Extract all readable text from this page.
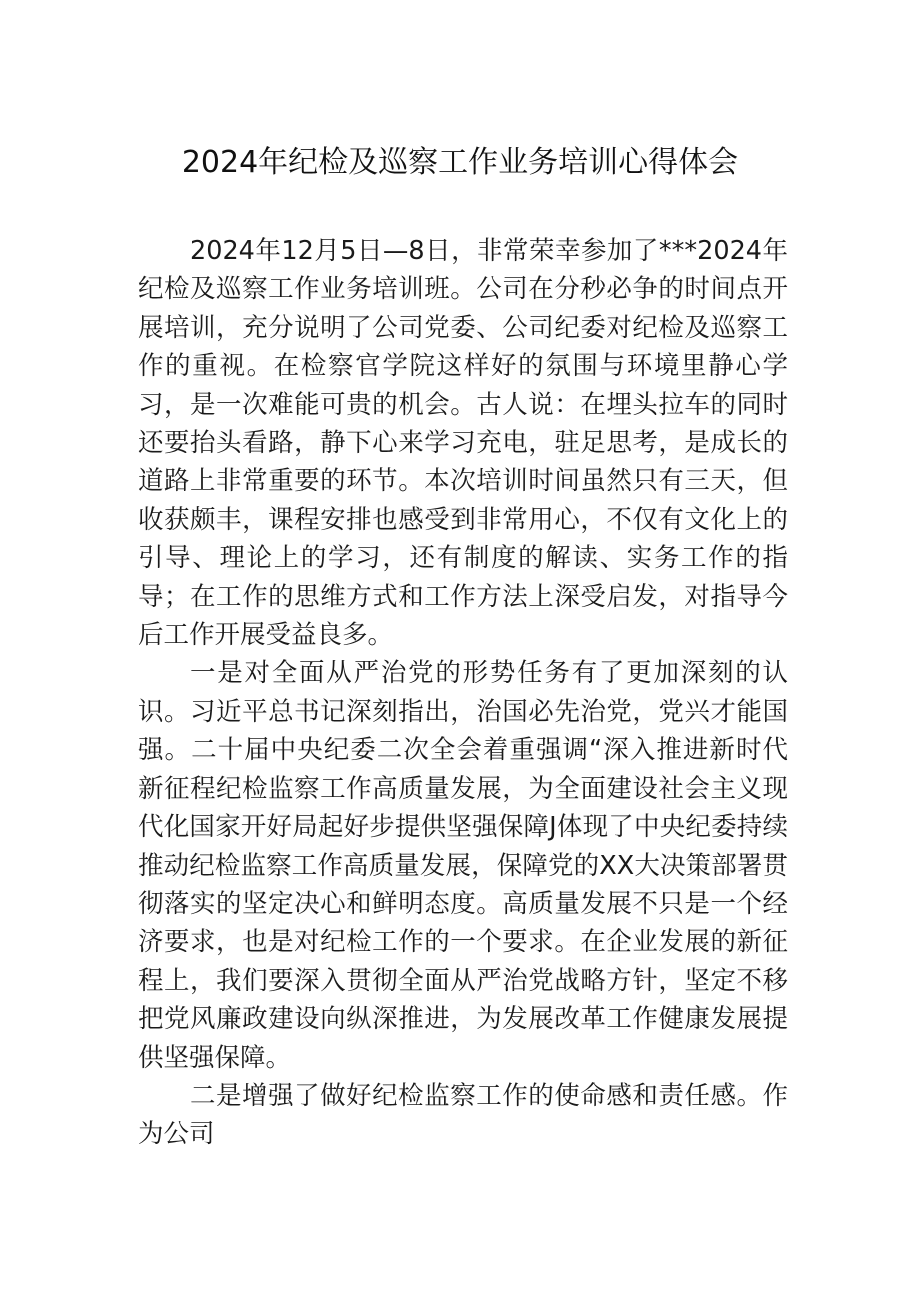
2024年纪检及巡察工作业务培训心得体会

2024年12月5日—8日，非常荣幸参加了***2024年纪检及巡察工作业务培训班。公司在分秒必争的时间点开展培训，充分说明了公司党委、公司纪委对纪检及巡察工作的重视。在检察官学院这样好的氛围与环境里静心学习，是一次难能可贵的机会。古人说：在埋头拉车的同时还要抬头看路，静下心来学习充电，驻足思考，是成长的道路上非常重要的环节。本次培训时间虽然只有三天，但收获颇丰，课程安排也感受到非常用心，不仅有文化上的引导、理论上的学习，还有制度的解读、实务工作的指导；在工作的思维方式和工作方法上深受启发，对指导今后工作开展受益良多。

一是对全面从严治党的形势任务有了更加深刻的认识。习近平总书记深刻指出，治国必先治党，党兴才能国强。二十届中央纪委二次全会着重强调“深入推进新时代新征程纪检监察工作高质量发展，为全面建设社会主义现代化国家开好局起好步提供坚强保障J体现了中央纪委持续推动纪检监察工作高质量发展，保障党的XX大决策部署贯彻落实的坚定决心和鲜明态度。高质量发展不只是一个经济要求，也是对纪检工作的一个要求。在企业发展的新征程上，我们要深入贯彻全面从严治党战略方针，坚定不移把党风廉政建设向纵深推进，为发展改革工作健康发展提供坚强保障。

二是增强了做好纪检监察工作的使命感和责任感。作为公司
